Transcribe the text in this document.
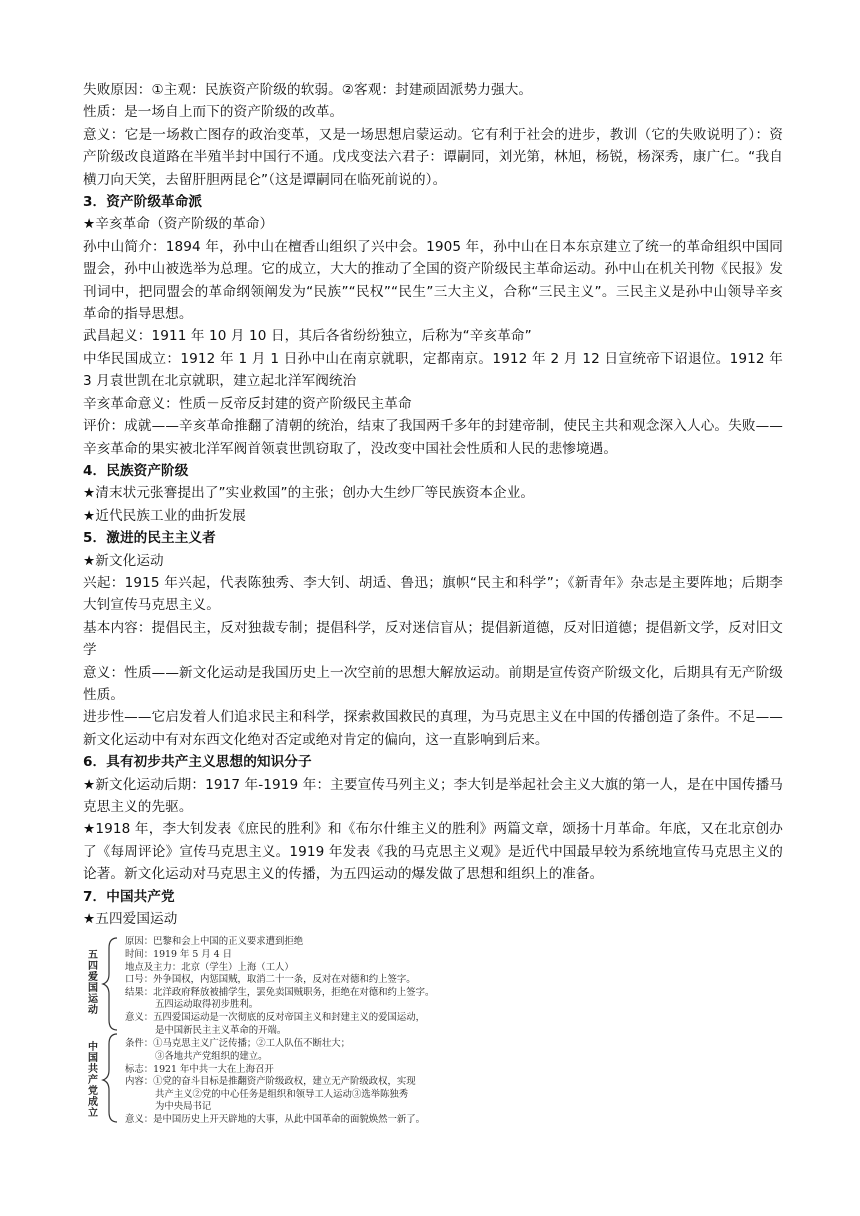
失败原因：①主观：民族资产阶级的软弱。②客观：封建顽固派势力强大。

性质：是一场自上而下的资产阶级的改革。

意义：它是一场救亡图存的政治变革，又是一场思想启蒙运动。它有利于社会的进步，教训（它的失败说明了）：资产阶级改良道路在半殖半封中国行不通。戊戌变法六君子：谭嗣同，刘光第，林旭，杨锐，杨深秀，康广仁。“我自横刀向天笑，去留肝胆两昆仑”（这是谭嗣同在临死前说的）。

3．资产阶级革命派

★辛亥革命（资产阶级的革命）

孙中山简介：1894 年，孙中山在檀香山组织了兴中会。1905 年，孙中山在日本东京建立了统一的革命组织中国同盟会，孙中山被选举为总理。它的成立，大大的推动了全国的资产阶级民主革命运动。孙中山在机关刊物《民报》发刊词中，把同盟会的革命纲领阐发为“民族”“民权”“民生”三大主义，合称“三民主义”。三民主义是孙中山领导辛亥革命的指导思想。

武昌起义：1911 年 10 月 10 日，其后各省纷纷独立，后称为“辛亥革命”

中华民国成立：1912 年 1 月 1 日孙中山在南京就职，定都南京。1912 年 2 月 12 日宣统帝下诏退位。1912 年 3 月袁世凯在北京就职，建立起北洋军阀统治

辛亥革命意义：性质－反帝反封建的资产阶级民主革命

评价：成就——辛亥革命推翻了清朝的统治，结束了我国两千多年的封建帝制，使民主共和观念深入人心。失败——辛亥革命的果实被北洋军阀首领袁世凯窃取了，没改变中国社会性质和人民的悲惨境遇。

4．民族资产阶级

★清末状元张謇提出了”实业救国”的主张；创办大生纱厂等民族资本企业。

★近代民族工业的曲折发展

5．激进的民主主义者

★新文化运动

兴起：1915 年兴起，代表陈独秀、李大钊、胡适、鲁迅；旗帜“民主和科学”；《新青年》杂志是主要阵地；后期李大钊宣传马克思主义。

基本内容：提倡民主，反对独裁专制；提倡科学，反对迷信盲从；提倡新道德，反对旧道德；提倡新文学，反对旧文学

意义：性质——新文化运动是我国历史上一次空前的思想大解放运动。前期是宣传资产阶级文化，后期具有无产阶级性质。

进步性——它启发着人们追求民主和科学，探索救国救民的真理，为马克思主义在中国的传播创造了条件。不足——新文化运动中有对东西文化绝对否定或绝对肯定的偏向，这一直影响到后来。

6．具有初步共产主义思想的知识分子

★新文化运动后期：1917 年-1919 年：主要宣传马列主义；李大钊是举起社会主义大旗的第一人，是在中国传播马克思主义的先驱。

★1918 年，李大钊发表《庶民的胜利》和《布尔什维主义的胜利》两篇文章，颂扬十月革命。年底，又在北京创办了《每周评论》宣传马克思主义。1919 年发表《我的马克思主义观》是近代中国最早较为系统地宣传马克思主义的论著。新文化运动对马克思主义的传播，为五四运动的爆发做了思想和组织上的准备。

7．中国共产党

★五四爱国运动

五四爱国运动
中国共产党成立
原因：巴黎和会上中国的正义要求遭到拒绝
时间：1919 年 5 月 4 日
地点及主力：北京（学生）上海（工人）
口号：外争国权，内惩国贼，取消二十一条，反对在对德和约上签字。
结果：北洋政府释放被捕学生，罢免卖国贼职务，拒绝在对德和约上签字。
五四运动取得初步胜利。
意义：五四爱国运动是一次彻底的反对帝国主义和封建主义的爱国运动，
是中国新民主主义革命的开端。
条件：①马克思主义广泛传播；②工人队伍不断壮大；
③各地共产党组织的建立。
标志：1921 年中共一大在上海召开
内容：①党的奋斗目标是推翻资产阶级政权，建立无产阶级政权，实现
共产主义②党的中心任务是组织和领导工人运动③选举陈独秀
为中央局书记
意义：是中国历史上开天辟地的大事，从此中国革命的面貌焕然一新了。
